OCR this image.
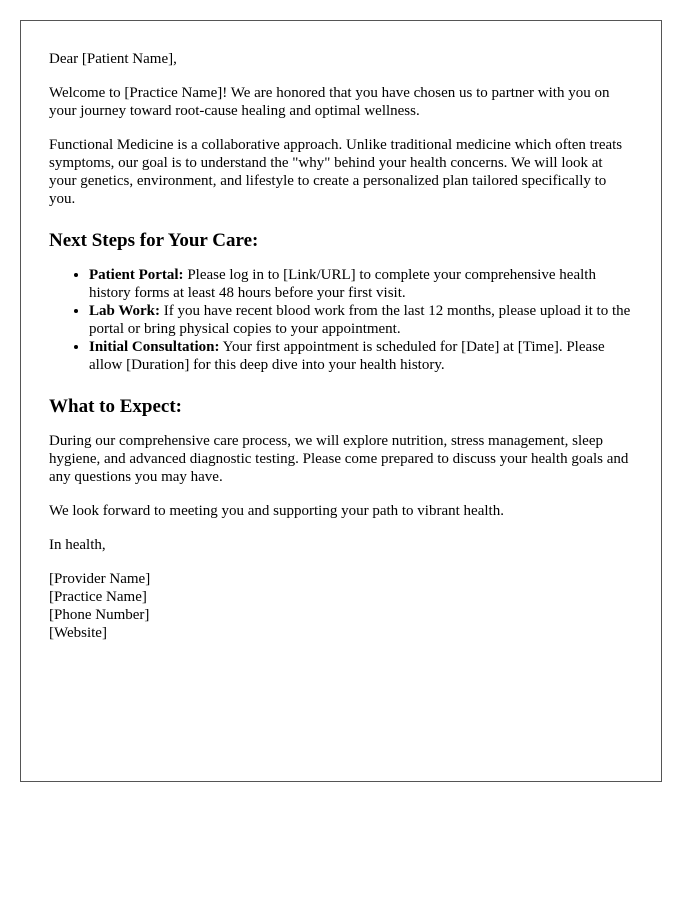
Dear [Patient Name],

Welcome to [Practice Name]! We are honored that you have chosen us to partner with you on your journey toward root-cause healing and optimal wellness.

Functional Medicine is a collaborative approach. Unlike traditional medicine which often treats symptoms, our goal is to understand the "why" behind your health concerns. We will look at your genetics, environment, and lifestyle to create a personalized plan tailored specifically to you.

Next Steps for Your Care:
• Patient Portal: Please log in to [Link/URL] to complete your comprehensive health history forms at least 48 hours before your first visit.
• Lab Work: If you have recent blood work from the last 12 months, please upload it to the portal or bring physical copies to your appointment.
• Initial Consultation: Your first appointment is scheduled for [Date] at [Time]. Please allow [Duration] for this deep dive into your health history.
What to Expect:

During our comprehensive care process, we will explore nutrition, stress management, sleep hygiene, and advanced diagnostic testing. Please come prepared to discuss your health goals and any questions you may have.

We look forward to meeting you and supporting your path to vibrant health.

In health,

[Provider Name]
[Practice Name]
[Phone Number]
[Website]
